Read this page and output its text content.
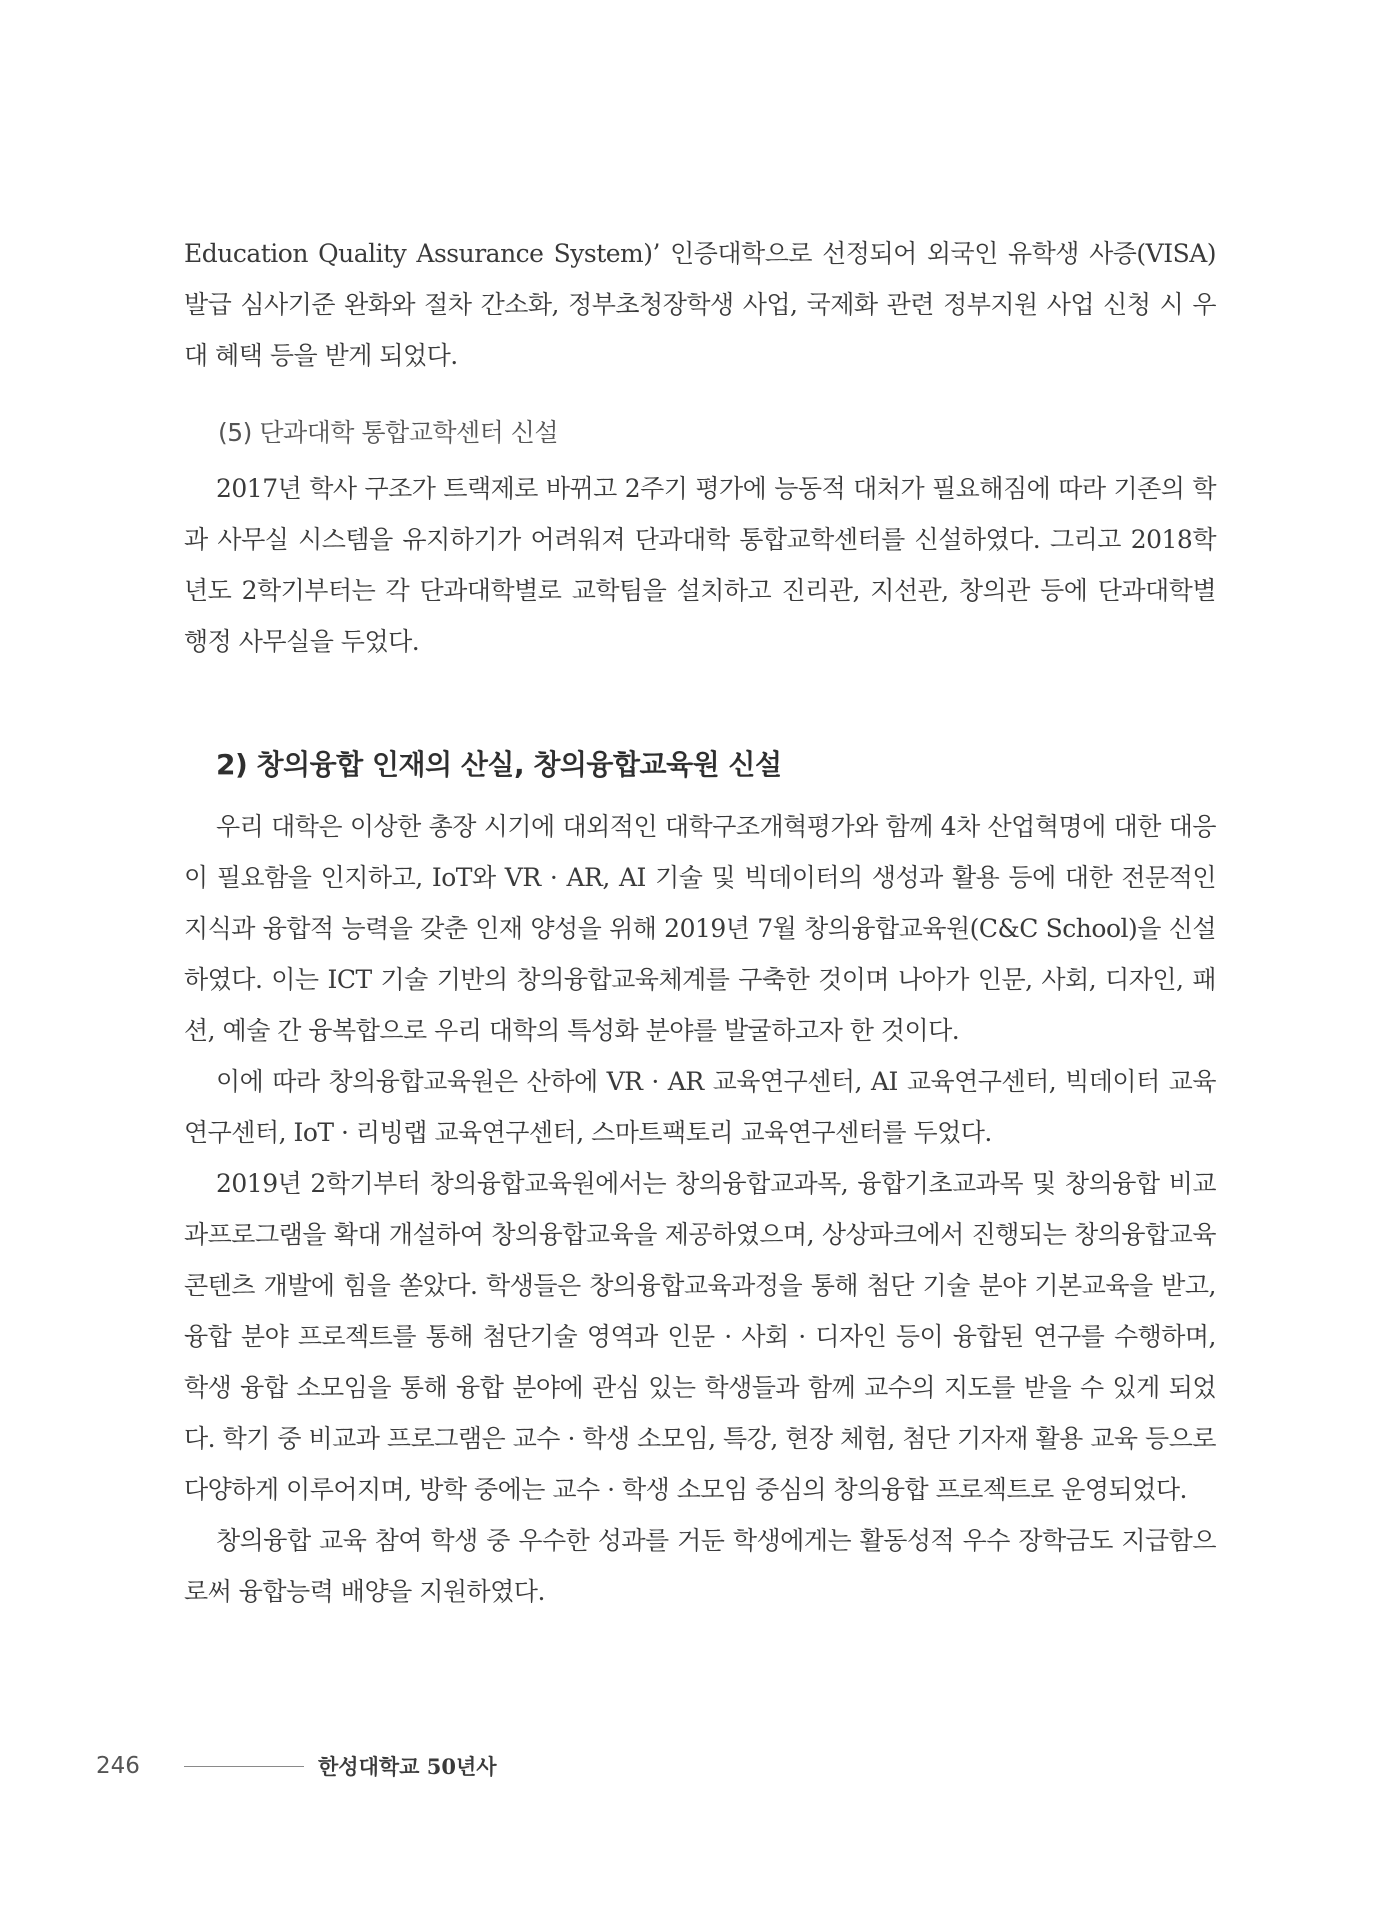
Education Quality Assurance System)’ 인증대학으로 선정되어 외국인 유학생 사증(VISA) 발급 심사기준 완화와 절차 간소화, 정부초청장학생 사업, 국제화 관련 정부지원 사업 신청 시 우대 혜택 등을 받게 되었다.

(5) 단과대학 통합교학센터 신설

2017년 학사 구조가 트랙제로 바뀌고 2주기 평가에 능동적 대처가 필요해짐에 따라 기존의 학과 사무실 시스템을 유지하기가 어려워져 단과대학 통합교학센터를 신설하였다. 그리고 2018학년도 2학기부터는 각 단과대학별로 교학팀을 설치하고 진리관, 지선관, 창의관 등에 단과대학별 행정 사무실을 두었다.

2) 창의융합 인재의 산실, 창의융합교육원 신설

우리 대학은 이상한 총장 시기에 대외적인 대학구조개혁평가와 함께 4차 산업혁명에 대한 대응이 필요함을 인지하고, IoT와 VR · AR, AI 기술 및 빅데이터의 생성과 활용 등에 대한 전문적인 지식과 융합적 능력을 갖춘 인재 양성을 위해 2019년 7월 창의융합교육원(C&C School)을 신설하였다. 이는 ICT 기술 기반의 창의융합교육체계를 구축한 것이며 나아가 인문, 사회, 디자인, 패션, 예술 간 융복합으로 우리 대학의 특성화 분야를 발굴하고자 한 것이다.

이에 따라 창의융합교육원은 산하에 VR · AR 교육연구센터, AI 교육연구센터, 빅데이터 교육연구센터, IoT · 리빙랩 교육연구센터, 스마트팩토리 교육연구센터를 두었다.

2019년 2학기부터 창의융합교육원에서는 창의융합교과목, 융합기초교과목 및 창의융합 비교과프로그램을 확대 개설하여 창의융합교육을 제공하였으며, 상상파크에서 진행되는 창의융합교육 콘텐츠 개발에 힘을 쏟았다. 학생들은 창의융합교육과정을 통해 첨단 기술 분야 기본교육을 받고, 융합 분야 프로젝트를 통해 첨단기술 영역과 인문 · 사회 · 디자인 등이 융합된 연구를 수행하며, 학생 융합 소모임을 통해 융합 분야에 관심 있는 학생들과 함께 교수의 지도를 받을 수 있게 되었다. 학기 중 비교과 프로그램은 교수 · 학생 소모임, 특강, 현장 체험, 첨단 기자재 활용 교육 등으로 다양하게 이루어지며, 방학 중에는 교수 · 학생 소모임 중심의 창의융합 프로젝트로 운영되었다.

창의융합 교육 참여 학생 중 우수한 성과를 거둔 학생에게는 활동성적 우수 장학금도 지급함으로써 융합능력 배양을 지원하였다.

246	한성대학교 50년사
